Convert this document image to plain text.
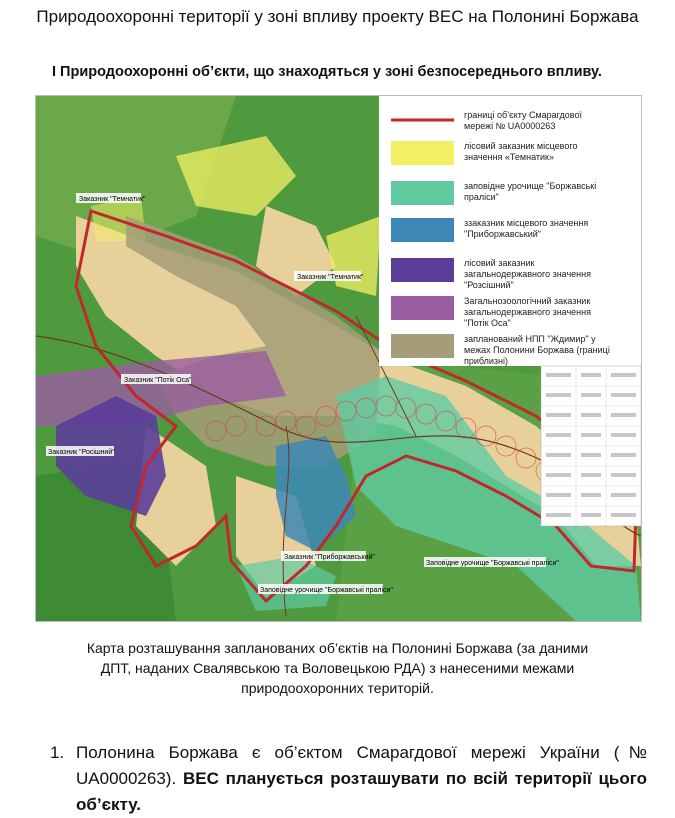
Природоохоронні території у зоні впливу проекту ВЕС на Полонині Боржава
І Природоохоронні об’єкти, що знаходяться у зоні безпосереднього впливу.
Заказник "Темнатик"
Заказник "Темнатик"
Заказник "Потік Оса"
Заказник "Росішний"
Заказник "Приборжавський"
Заповідне урочище "Боржавські праліси"
Заповідне урочище "Боржавські праліси"
границі об’єкту Смарагдової
мережі № UA0000263
лісовий заказник місцевого
значення «Темнатик»
заповідне урочище "Боржавські
праліси"
ззаказник місцевого значення
"Приборжавський"
лісовий заказник
загальнодержавного значення
"Розсішний"
Загальнозоологічний заказник
загальнодержавного значення
"Потік Оса"
запланований НПП "Ждимир" у
межах Полонини Боржава (границі
приблизні)
Карта розташування запланованих об’єктів на Полонині Боржава (за даними ДПТ, наданих Свалявською та Воловецькою РДА) з нанесеними межами природоохоронних територій.
1. Полонина Боржава є об’єктом Смарагдової мережі України (№ UA0000263). ВЕС планується розташувати по всій території цього об’єкту.
